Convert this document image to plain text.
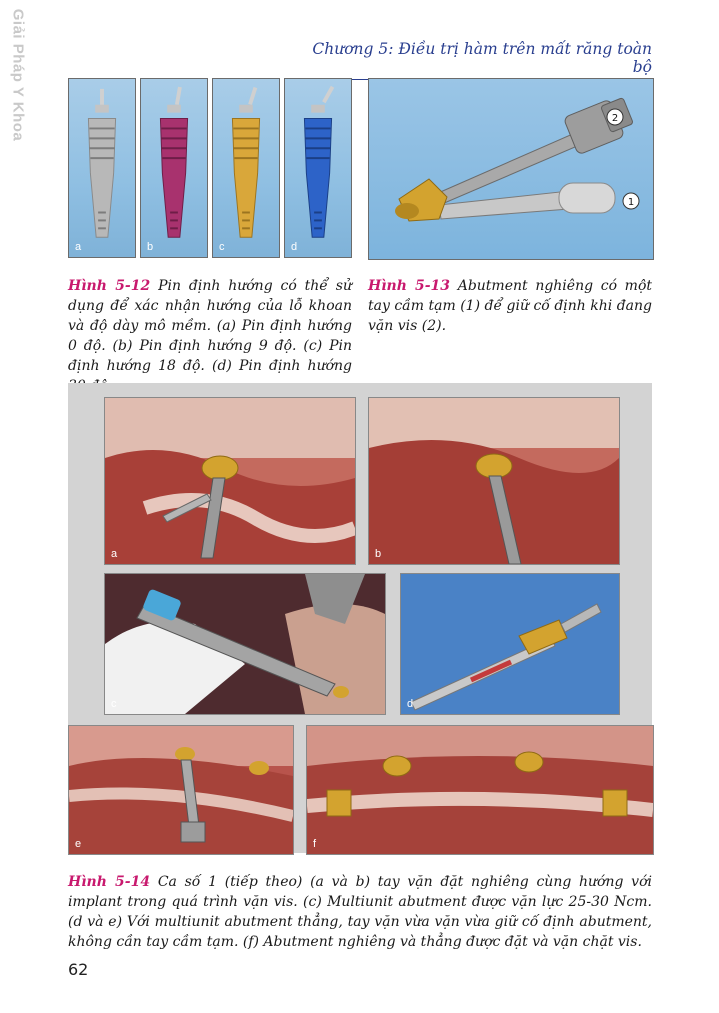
Giải Pháp Y Khoa	Chương 5: Điều trị hàm trên mất răng toàn bộ
a	b	c	d
2
1
Hình 5-12 Pin định hướng có thể sử dụng để xác nhận hướng của lỗ khoan và độ dày mô mềm. (a) Pin định hướng 0 độ. (b) Pin định hướng 9 độ. (c) Pin định hướng 18 độ. (d) Pin định hướng
Hình 5-13 Abutment nghiêng có một tay cầm tạm (1) để giữ cố định khi đang vặn vis (2).
a	b
c	d
e	f
Hình 5-14 Ca số 1 (tiếp theo) (a và b) tay vặn đặt nghiêng cùng hướng với implant trong quá trình vặn vis. (c) Multiunit abutment được vặn lực 25-30 Ncm. (d và e) Với multiunit abutment thẳng, tay vặn vừa vặn vừa giữ cố định abutment, không cần tay cầm tạm. (f) Abutment nghiêng và thẳng được đặt và vặn chặt vis.
62
